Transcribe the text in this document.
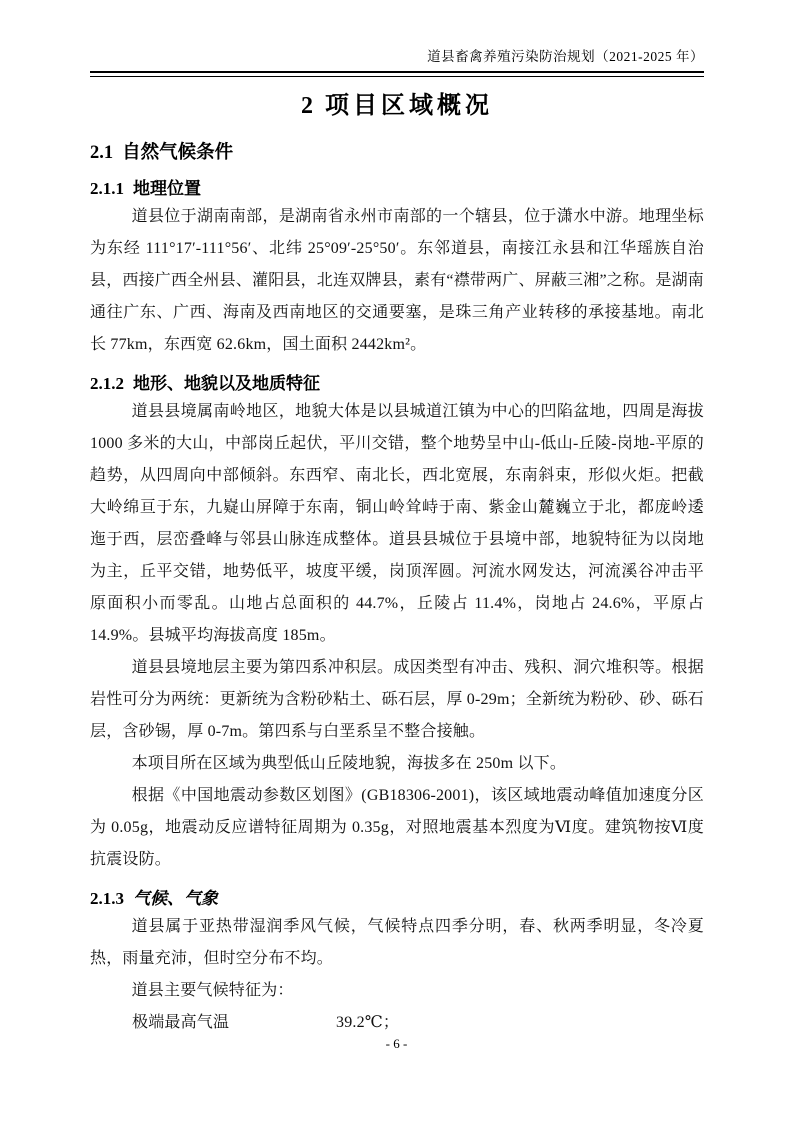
道县畜禽养殖污染防治规划（2021-2025 年）
2 项目区域概况
2.1 自然气候条件
2.1.1 地理位置

道县位于湖南南部，是湖南省永州市南部的一个辖县，位于潇水中游。地理坐标为东经 111°17′-111°56′、北纬 25°09′-25°50′。东邻道县，南接江永县和江华瑶族自治县，西接广西全州县、灌阳县，北连双牌县，素有“襟带两广、屏蔽三湘”之称。是湖南通往广东、广西、海南及西南地区的交通要塞，是珠三角产业转移的承接基地。南北长 77km，东西宽 62.6km，国土面积 2442km²。

2.1.2 地形、地貌以及地质特征

道县县境属南岭地区，地貌大体是以县城道江镇为中心的凹陷盆地，四周是海拔 1000 多米的大山，中部岗丘起伏，平川交错，整个地势呈中山-低山-丘陵-岗地-平原的趋势，从四周向中部倾斜。东西窄、南北长，西北宽展，东南斜束，形似火炬。把截大岭绵亘于东，九嶷山屏障于东南，铜山岭耸峙于南、紫金山麓巍立于北，都庞岭逶迤于西，层峦叠峰与邻县山脉连成整体。道县县城位于县境中部，地貌特征为以岗地为主，丘平交错，地势低平，坡度平缓，岗顶浑圆。河流水网发达，河流溪谷冲击平原面积小而零乱。山地占总面积的 44.7%，丘陵占 11.4%，岗地占 24.6%，平原占 14.9%。县城平均海拔高度 185m。

道县县境地层主要为第四系冲积层。成因类型有冲击、残积、洞穴堆积等。根据岩性可分为两统：更新统为含粉砂粘土、砾石层，厚 0-29m；全新统为粉砂、砂、砾石层，含砂锡，厚 0-7m。第四系与白垩系呈不整合接触。

本项目所在区域为典型低山丘陵地貌，海拔多在 250m 以下。

根据《中国地震动参数区划图》(GB18306-2001)，该区域地震动峰值加速度分区为 0.05g，地震动反应谱特征周期为 0.35g，对照地震基本烈度为Ⅵ度。建筑物按Ⅵ度抗震设防。

2.1.3 气候、气象

道县属于亚热带湿润季风气候，气候特点四季分明，春、秋两季明显，冬冷夏热，雨量充沛，但时空分布不均。

道县主要气候特征为：

极端最高气温	39.2℃；
- 6 -
